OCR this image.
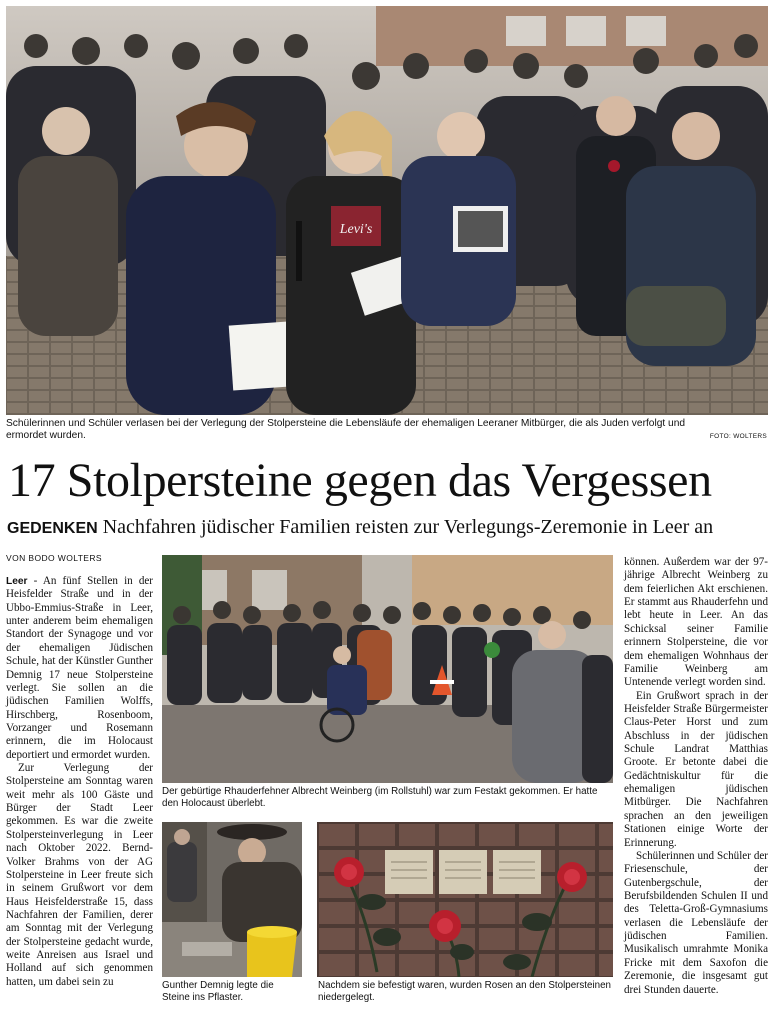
Levi's
Schülerinnen und Schüler verlasen bei der Verlegung der Stolpersteine die Lebensläufe der ehemaligen Leeraner Mitbürger, die als Juden verfolgt und ermordet wurden.	FOTO: WOLTERS
17 Stolpersteine gegen das Vergessen
GEDENKEN Nachfahren jüdischer Familien reisten zur Verlegungs-Zeremonie in Leer an
VON BODO WOLTERS

Leer - An fünf Stellen in der Heisfelder Straße und in der Ubbo-Emmius-Straße in Leer, unter anderem beim ehemaligen Standort der Synagoge und vor der ehemaligen Jüdischen Schule, hat der Künstler Gunther Demnig 17 neue Stolpersteine verlegt. Sie sollen an die jüdischen Familien Wolffs, Hirschberg, Rosenboom, Vorzanger und Rosemann erinnern, die im Holocaust deportiert und ermordet wurden.

Zur Verlegung der Stolpersteine am Sonntag waren weit mehr als 100 Gäste und Bürger der Stadt Leer gekommen. Es war die zweite Stolpersteinverlegung in Leer nach Oktober 2022. Bernd-Volker Brahms von der AG Stolpersteine in Leer freute sich in seinem Grußwort vor dem Haus Heisfelderstraße 15, dass Nachfahren der Familien, derer am Sonntag mit der Verlegung der Stolpersteine gedacht wurde, weite Anreisen aus Israel und Holland auf sich genommen hatten, um dabei sein zu

können. Außerdem war der 97-jährige Albrecht Weinberg zu dem feierlichen Akt erschienen. Er stammt aus Rhauderfehn und lebt heute in Leer. An das Schicksal seiner Familie erinnern Stolpersteine, die vor dem ehemaligen Wohnhaus der Familie Weinberg am Untenende verlegt worden sind.

Ein Grußwort sprach in der Heisfelder Straße Bürgermeister Claus-Peter Horst und zum Abschluss in der jüdischen Schule Landrat Matthias Groote. Er betonte dabei die Gedächtniskultur für die ehemaligen jüdischen Mitbürger. Die Nachfahren sprachen an den jeweiligen Stationen einige Worte der Erinnerung.

Schülerinnen und Schüler der Friesenschule, der Gutenbergschule, der Berufsbildenden Schulen II und des Teletta-Groß-Gymnasiums verlasen die Lebensläufe der jüdischen Familien. Musikalisch umrahmte Monika Fricke mit dem Saxofon die Zeremonie, die insgesamt gut drei Stunden dauerte.

Der gebürtige Rhauderfehner Albrecht Weinberg (im Rollstuhl) war zum Festakt gekommen. Er hatte den Holocaust überlebt.
Gunther Demnig legte die Steine ins Pflaster.
Nachdem sie befestigt waren, wurden Rosen an den Stolpersteinen niedergelegt.
